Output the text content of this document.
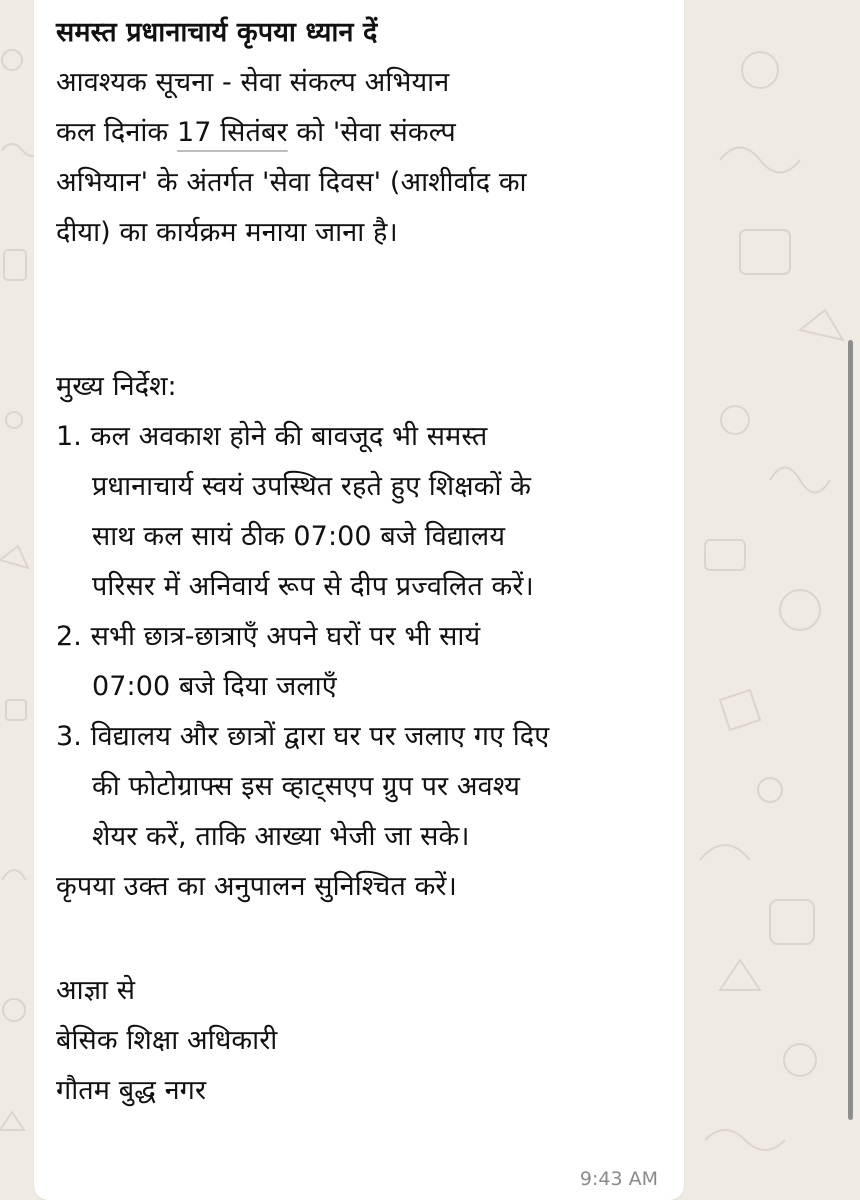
समस्त प्रधानाचार्य कृपया ध्यान दें
आवश्यक सूचना - सेवा संकल्प अभियान
कल दिनांक 17 सितंबर को 'सेवा संकल्प
अभियान' के अंतर्गत 'सेवा दिवस' (आशीर्वाद का
दीया) का कार्यक्रम मनाया जाना है।
मुख्य निर्देश:
1. कल अवकाश होने की बावजूद भी समस्त
प्रधानाचार्य स्वयं उपस्थित रहते हुए शिक्षकों के
साथ कल सायं ठीक 07:00 बजे विद्यालय
परिसर में अनिवार्य रूप से दीप प्रज्वलित करें।
2. सभी छात्र-छात्राएँ अपने घरों पर भी सायं
07:00 बजे दिया जलाएँ
3. विद्यालय और छात्रों द्वारा घर पर जलाए गए दिए
की फोटोग्राफ्स इस व्हाट्सएप ग्रुप पर अवश्य
शेयर करें, ताकि आख्या भेजी जा सके।
कृपया उक्त का अनुपालन सुनिश्चित करें।
आज्ञा से
बेसिक शिक्षा अधिकारी
गौतम बुद्ध नगर
9:43 AM
